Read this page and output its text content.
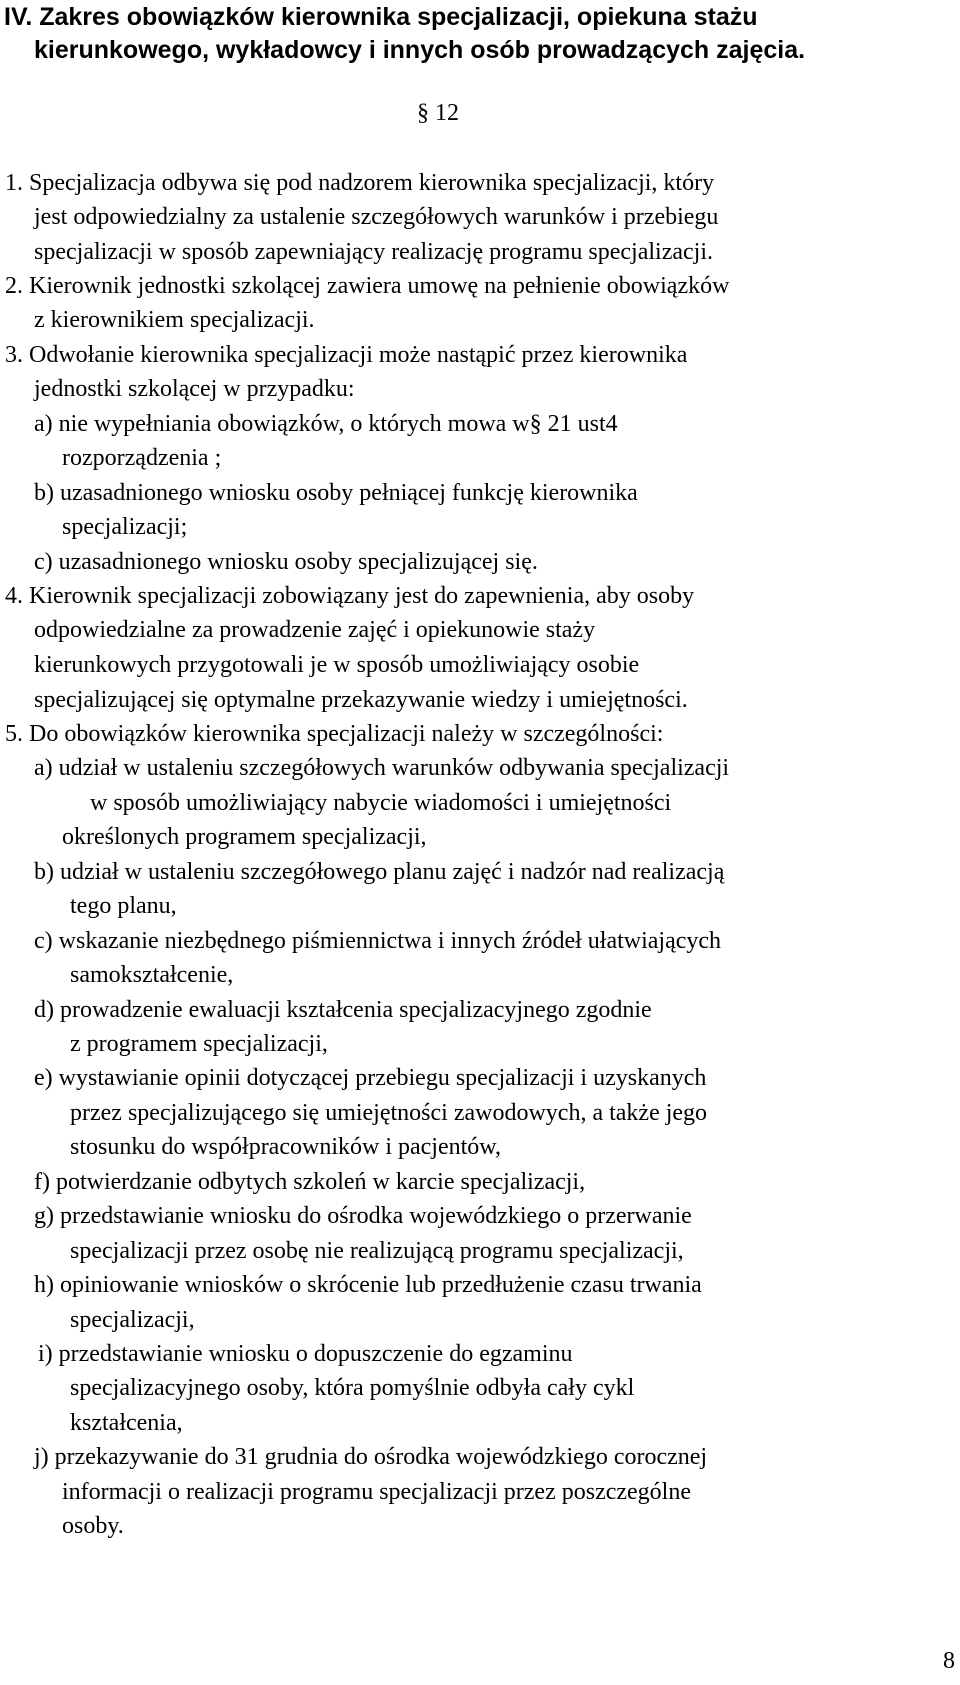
IV. Zakres obowiązków kierownika specjalizacji, opiekuna stażu
kierunkowego, wykładowcy i innych osób prowadzących zajęcia.
§ 12
1. Specjalizacja odbywa się pod nadzorem kierownika specjalizacji, który
jest odpowiedzialny za ustalenie szczegółowych warunków i przebiegu
specjalizacji w sposób zapewniający realizację programu specjalizacji.
2. Kierownik jednostki szkolącej zawiera umowę na pełnienie obowiązków
z kierownikiem specjalizacji.
3. Odwołanie kierownika specjalizacji może nastąpić przez kierownika
jednostki szkolącej w przypadku:
a) nie wypełniania obowiązków, o których mowa w§ 21 ust4
rozporządzenia ;
b) uzasadnionego wniosku osoby pełniącej funkcję kierownika
specjalizacji;
c) uzasadnionego wniosku osoby specjalizującej się.
4. Kierownik specjalizacji zobowiązany jest do zapewnienia, aby osoby
odpowiedzialne za prowadzenie zajęć i opiekunowie staży
kierunkowych przygotowali je w sposób umożliwiający osobie
specjalizującej się optymalne przekazywanie wiedzy i umiejętności.
5. Do obowiązków kierownika specjalizacji należy w szczególności:
a) udział w ustaleniu szczegółowych warunków odbywania specjalizacji
w sposób umożliwiający nabycie wiadomości i umiejętności
określonych programem specjalizacji,
b) udział w ustaleniu szczegółowego planu zajęć i nadzór nad realizacją
tego planu,
c) wskazanie niezbędnego piśmiennictwa i innych źródeł ułatwiających
samokształcenie,
d) prowadzenie ewaluacji kształcenia specjalizacyjnego zgodnie
z programem specjalizacji,
e) wystawianie opinii dotyczącej przebiegu specjalizacji i uzyskanych
przez specjalizującego się umiejętności zawodowych, a także jego
stosunku do współpracowników i pacjentów,
f) potwierdzanie odbytych szkoleń w karcie specjalizacji,
g) przedstawianie wniosku do ośrodka wojewódzkiego o przerwanie
specjalizacji przez osobę nie realizującą programu specjalizacji,
h) opiniowanie wniosków o skrócenie lub przedłużenie czasu trwania
specjalizacji,
i) przedstawianie wniosku o dopuszczenie do egzaminu
specjalizacyjnego osoby, która pomyślnie odbyła cały cykl
kształcenia,
j) przekazywanie do 31 grudnia do ośrodka wojewódzkiego corocznej
informacji o realizacji programu specjalizacji przez poszczególne
osoby.
8
